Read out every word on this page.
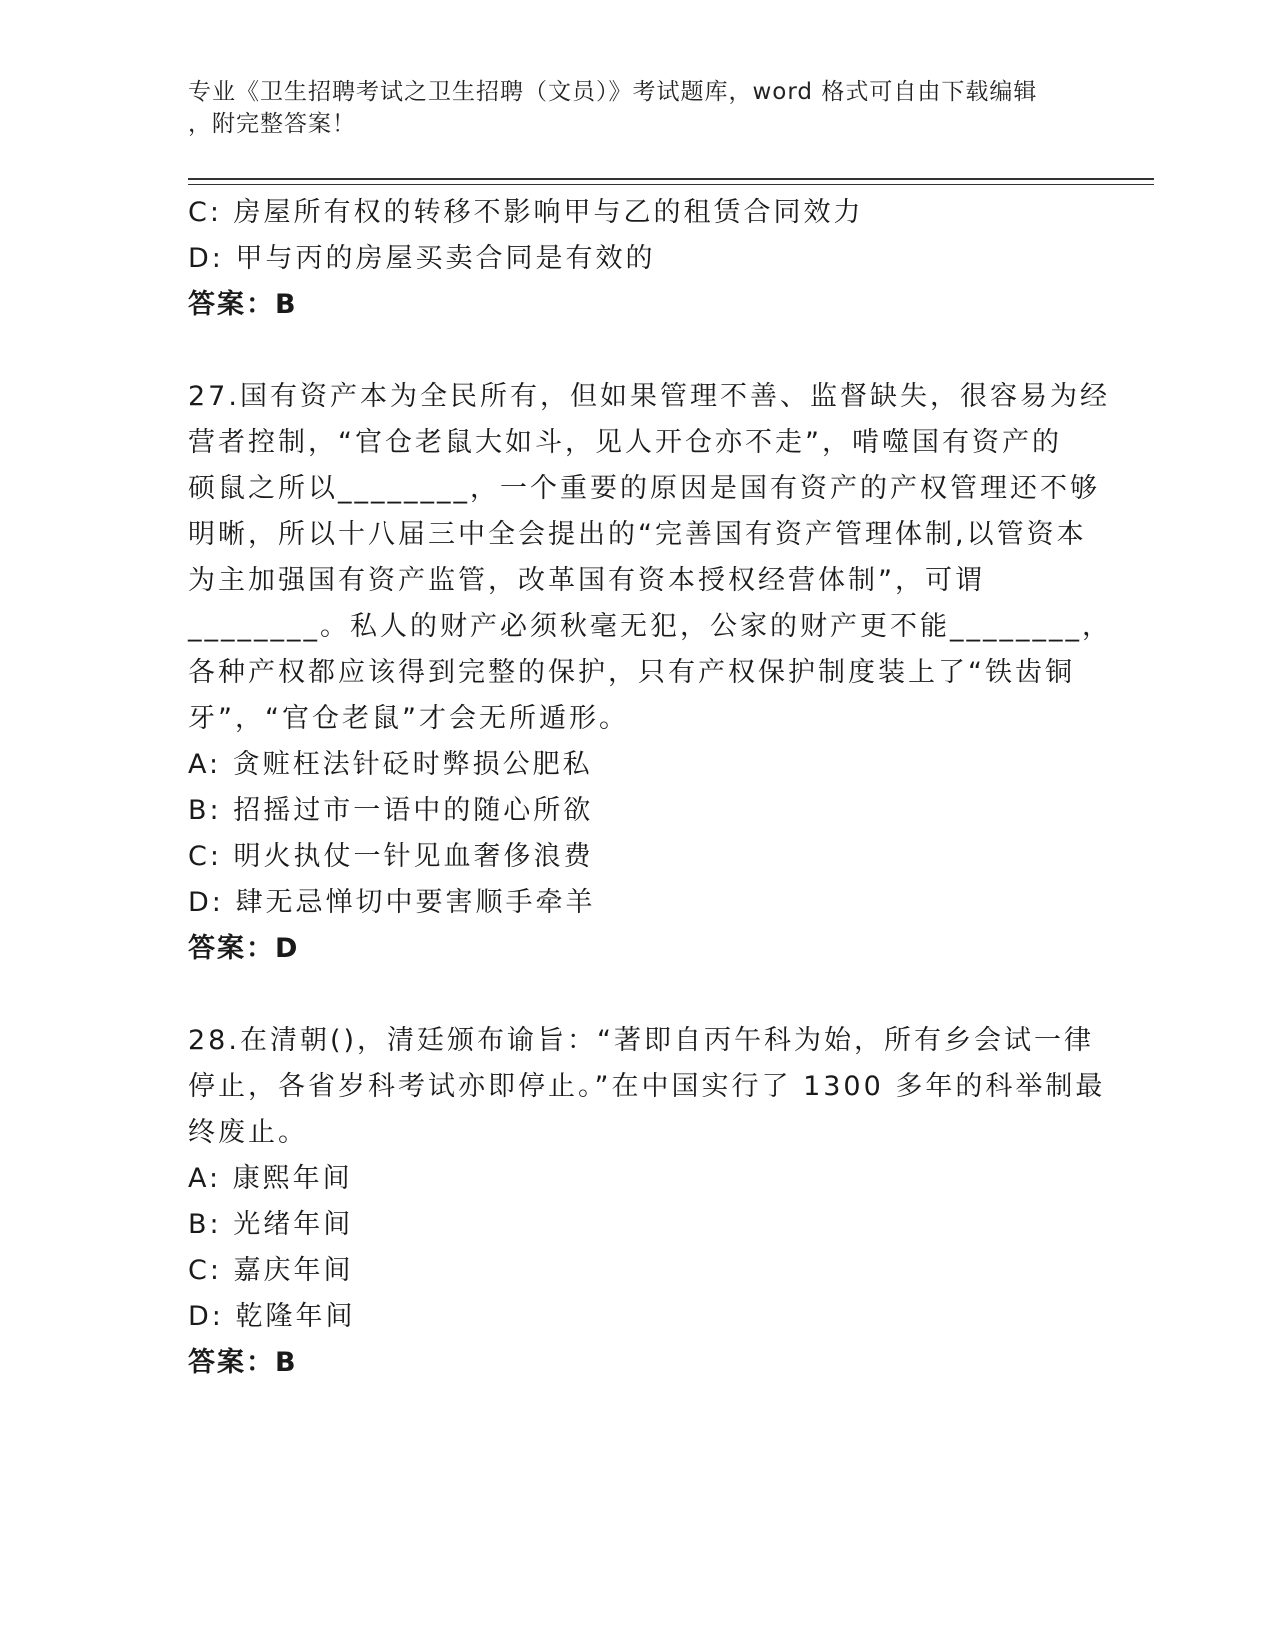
专业《卫生招聘考试之卫生招聘（文员）》考试题库，word 格式可自由下载编辑
，附完整答案！
C: 房屋所有权的转移不影响甲与乙的租赁合同效力
D: 甲与丙的房屋买卖合同是有效的
答案：B
27.国有资产本为全民所有，但如果管理不善、监督缺失，很容易为经
营者控制，“官仓老鼠大如斗，见人开仓亦不走”，啃噬国有资产的
硕鼠之所以________，一个重要的原因是国有资产的产权管理还不够
明晰，所以十八届三中全会提出的“完善国有资产管理体制,以管资本
为主加强国有资产监管，改革国有资本授权经营体制”，可谓
________。私人的财产必须秋毫无犯，公家的财产更不能________，
各种产权都应该得到完整的保护，只有产权保护制度装上了“铁齿铜
牙”，“官仓老鼠”才会无所遁形。
A: 贪赃枉法针砭时弊损公肥私
B: 招摇过市一语中的随心所欲
C: 明火执仗一针见血奢侈浪费
D: 肆无忌惮切中要害顺手牵羊
答案：D
28.在清朝()，清廷颁布谕旨：“著即自丙午科为始，所有乡会试一律
停止，各省岁科考试亦即停止。”在中国实行了 1300 多年的科举制最
终废止。
A: 康熙年间
B: 光绪年间
C: 嘉庆年间
D: 乾隆年间
答案：B
